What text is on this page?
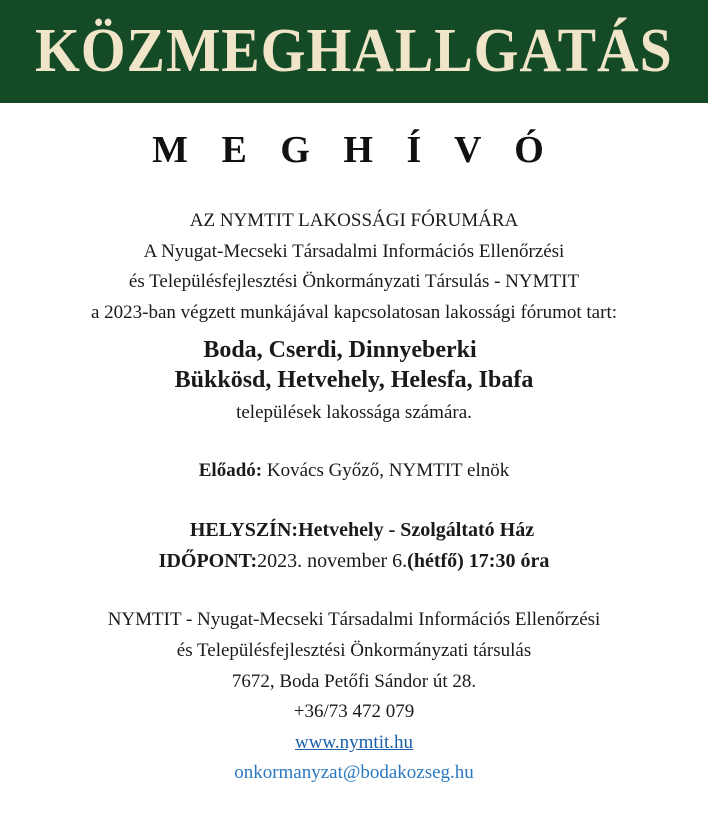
KÖZMEGHALLGATÁS
M E G H Í V Ó
AZ NYMTIT LAKOSSÁGI FÓRUMÁRA
A Nyugat-Mecseki Társadalmi Információs Ellenőrzési
és Településfejlesztési Önkormányzati Társulás - NYMTIT
a 2023-ban végzett munkájával kapcsolatosan lakossági fórumot tart:
Boda, Cserdi, Dinnyeberki
Bükkösd, Hetvehely, Helesfa, Ibafa
települések lakossága számára.
Előadó: Kovács Győző, NYMTIT elnök
HELYSZÍN:Hetvehely - Szolgáltató Ház
IDŐPONT:2023. november 6.(hétfő) 17:30 óra
NYMTIT - Nyugat-Mecseki Társadalmi Információs Ellenőrzési
és Településfejlesztési Önkormányzati társulás
7672, Boda Petőfi Sándor út 28.
+36/73 472 079
www.nymtit.hu
onkormanyzat@bodakozseg.hu
